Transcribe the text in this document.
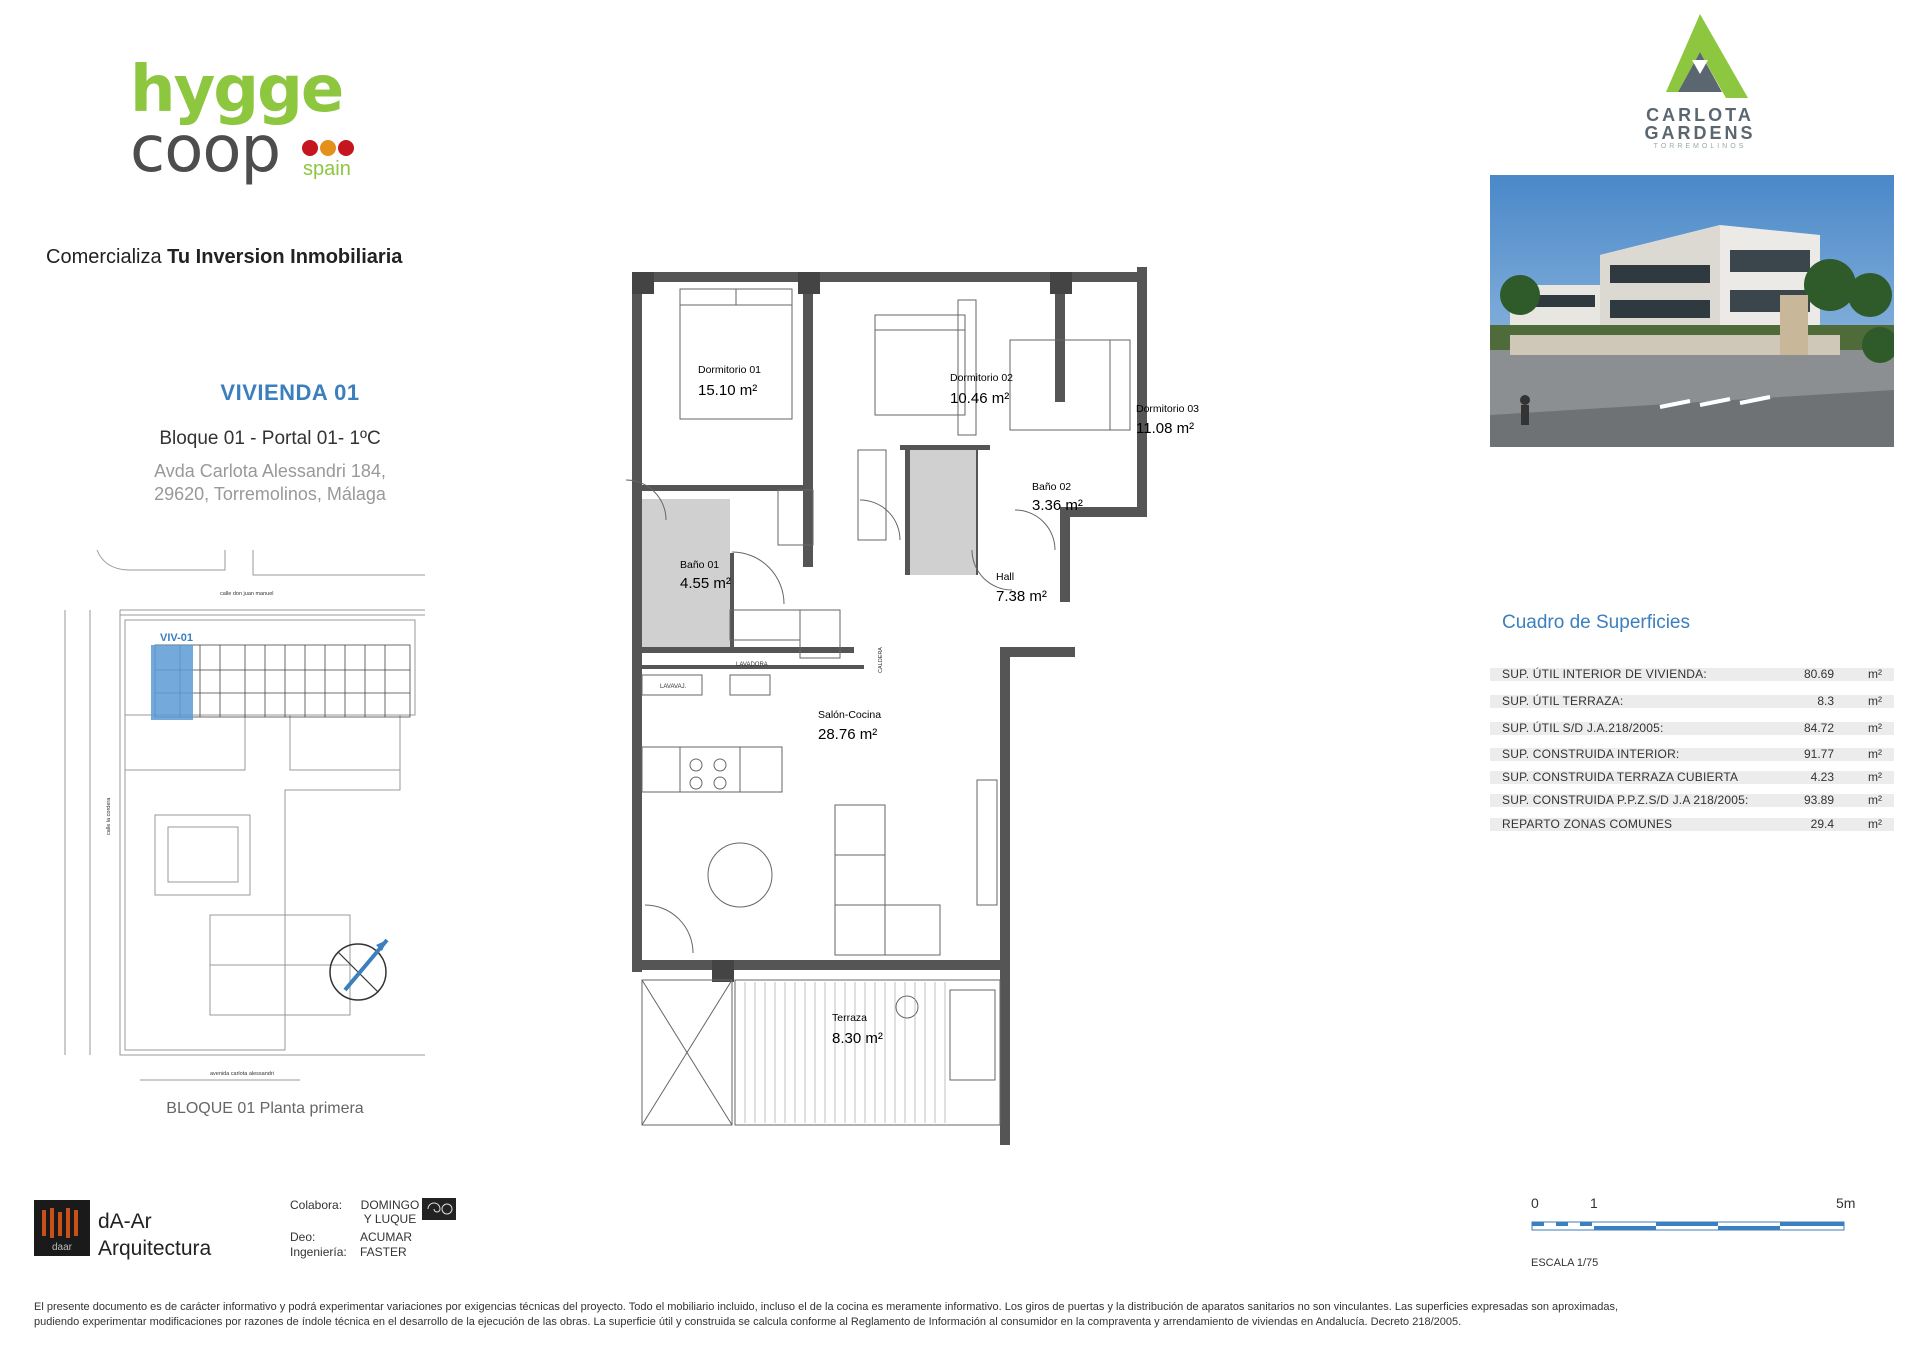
hygge
coop spain
Comercializa Tu Inversion Inmobiliaria
VIVIENDA 01
Bloque 01 - Portal 01- 1ºC
Avda Carlota Alessandri 184,
29620, Torremolinos, Málaga
VIV-01
calle don juan manuel
calle la cordera
avenida carlota alessandri
BLOQUE 01 Planta primera
CARLOTA GARDENS
TORREMOLINOS
Dormitorio 01
15.10 m²
Dormitorio 02
10.46 m²
Dormitorio 03
11.08 m²
Baño 01
4.55 m²
Baño 02
3.36 m²
Hall
7.38 m²
Salón-Cocina
28.76 m²
Terraza
8.30 m²
LAVAVAJ.
LAVADORA	CALDERA
Cuadro de Superficies
SUP. ÚTIL INTERIOR DE VIVIENDA:	80.69	m²
SUP. ÚTIL TERRAZA:	8.3	m²
SUP. ÚTIL S/D J.A.218/2005:	84.72	m²
SUP. CONSTRUIDA INTERIOR:	91.77	m²
SUP. CONSTRUIDA TERRAZA CUBIERTA	4.23	m²
SUP. CONSTRUIDA P.P.Z.S/D J.A 218/2005:	93.89	m²
REPARTO ZONAS COMUNES	29.4	m²
0	1	5m
ESCALA 1/75
daar
dA-Ar
Arquitectura
Colabora: DOMINGO Y LUQUE
Deo:	ACUMAR
Ingeniería: FASTER
El presente documento es de carácter informativo y podrá experimentar variaciones por exigencias técnicas del proyecto. Todo el mobiliario incluido, incluso el de la cocina es meramente informativo. Los giros de puertas y la distribución de aparatos sanitarios no son vinculantes. Las superficies expresadas son aproximadas,
pudiendo experimentar modificaciones por razones de índole técnica en el desarrollo de la ejecución de las obras. La superficie útil y construida se calcula conforme al Reglamento de Información al consumidor en la compraventa y arrendamiento de viviendas en Andalucía. Decreto 218/2005.
